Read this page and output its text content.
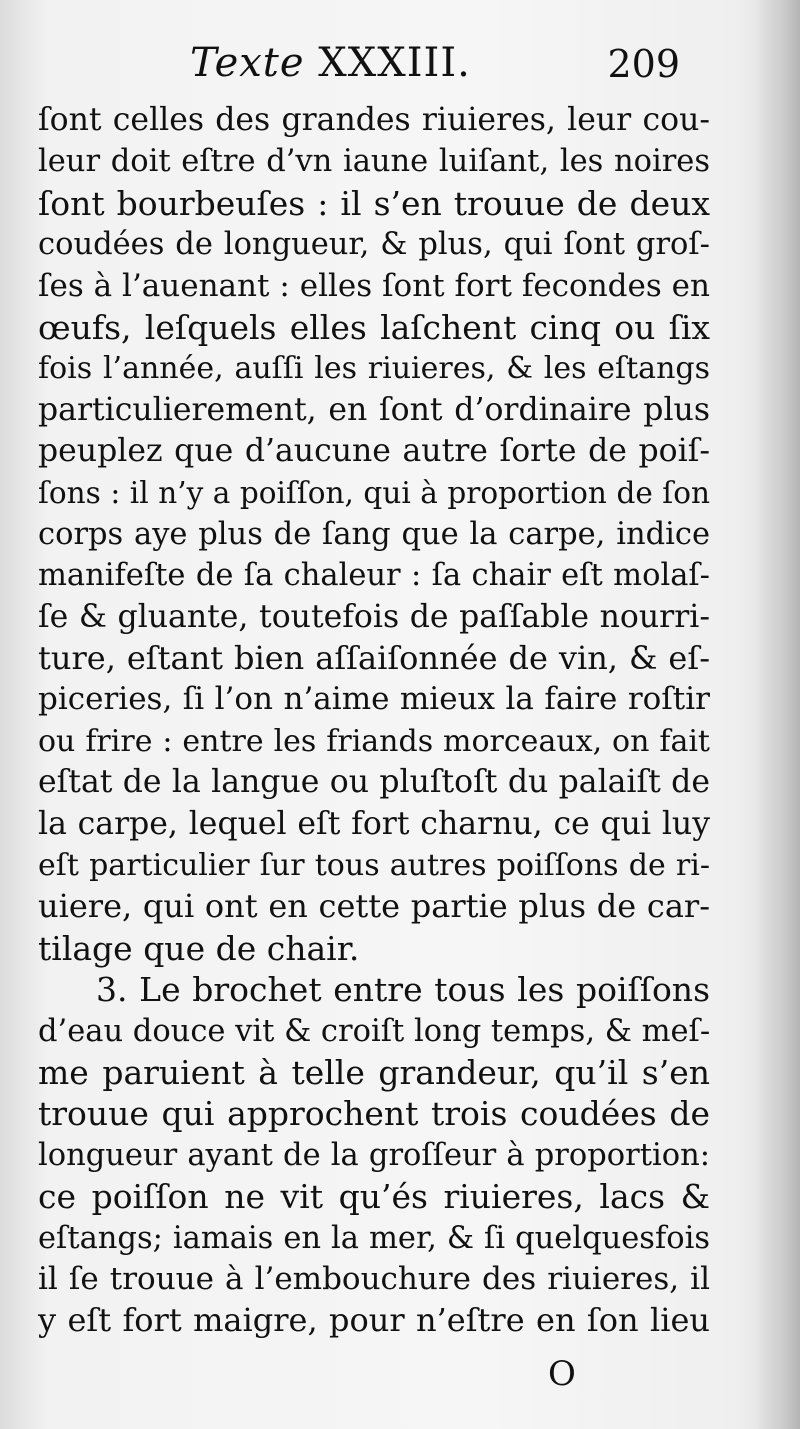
Texte XXXIII.	209
ſont celles des grandes riuieres, leur cou-
leur doit eſtre d’vn iaune luiſant, les noires
ſont bourbeuſes : il s’en trouue de deux
coudées de longueur, & plus, qui ſont groſ-
ſes à l’auenant : elles ſont fort fecondes en
œufs, leſquels elles laſchent cinq ou ſix
fois l’année, auſſi les riuieres, & les eſtangs
particulierement, en ſont d’ordinaire plus
peuplez que d’aucune autre ſorte de poiſ-
ſons : il n’y a poiſſon, qui à proportion de ſon
corps aye plus de ſang que la carpe, indice
manifeſte de ſa chaleur : ſa chair eſt molaſ-
ſe & gluante, toutefois de paſſable nourri-
ture, eſtant bien aſſaiſonnée de vin, & eſ-
piceries, ſi l’on n’aime mieux la faire roſtir
ou frire : entre les friands morceaux, on fait
eſtat de la langue ou pluſtoſt du palaiſt de
la carpe, lequel eſt fort charnu, ce qui luy
eſt particulier ſur tous autres poiſſons de ri-
uiere, qui ont en cette partie plus de car-
tilage que de chair.
3. Le brochet entre tous les poiſſons
d’eau douce vit & croiſt long temps, & meſ-
me paruient à telle grandeur, qu’il s’en
trouue qui approchent trois coudées de
longueur ayant de la groſſeur à proportion:
ce poiſſon ne vit qu’és riuieres, lacs &
eſtangs; iamais en la mer, & ſi quelquesfois
il ſe trouue à l’embouchure des riuieres, il
y eſt fort maigre, pour n’eſtre en ſon lieu
O
